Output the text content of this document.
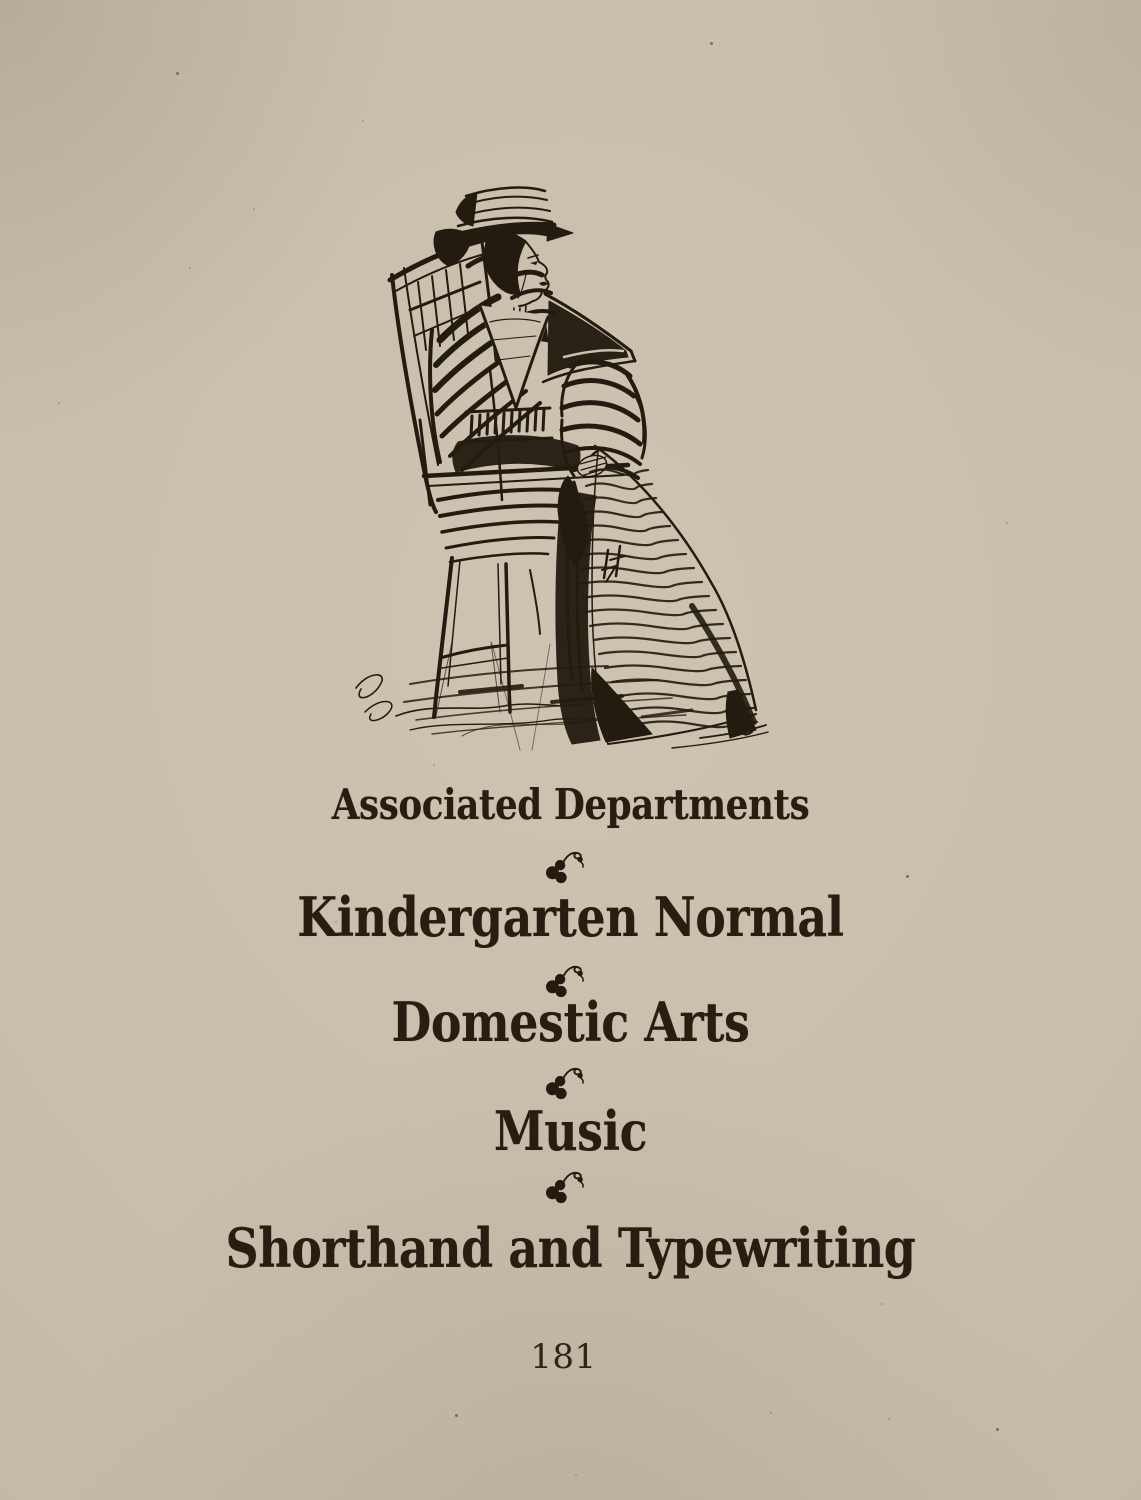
Associated Departments
Kindergarten Normal
Domestic Arts
Music
Shorthand and Typewriting
181
